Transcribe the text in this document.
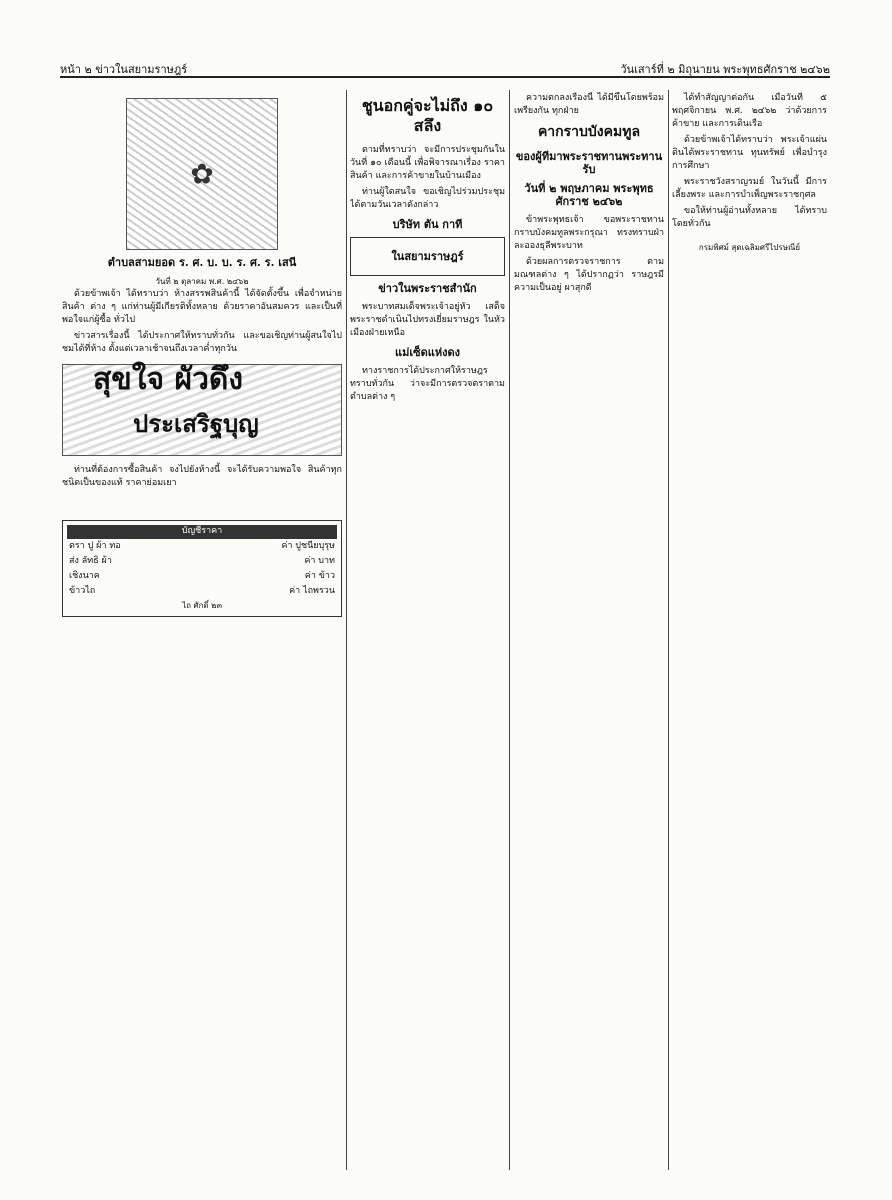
หน้า ๒ ข่าวในสยามราษฎร์	วันเสาร์ที่ ๒ มิถุนายน พระพุทธศักราช ๒๔๖๒
✿
ตำบลสามยอด ร. ศ. บ. บ. ร. ศ. ร. เสนี
วันที่ ๒ ตุลาคม พ.ศ. ๒๔๖๒

ด้วยข้าพเจ้า ได้ทราบว่า ห้างสรรพสินค้านี้ ได้จัดตั้งขึ้น เพื่อจำหน่ายสินค้า ต่าง ๆ แก่ท่านผู้มีเกียรติทั้งหลาย ด้วยราคาอันสมควร และเป็นที่พอใจแก่ผู้ซื้อ ทั่วไป

ข่าวสารเรื่องนี้ ได้ประกาศให้ทราบทั่วกัน และขอเชิญท่านผู้สนใจไปชมได้ที่ห้าง ตั้งแต่เวลาเช้าจนถึงเวลาค่ำทุกวัน

สุขใจ ผัวดึง
ประเสริฐบุญ

ท่านที่ต้องการซื้อสินค้า จงไปยังห้างนี้ จะได้รับความพอใจ สินค้าทุกชนิดเป็นของแท้ ราคาย่อมเยา

บัญชีราคา
ตรา ปู ผ้า ทอ	ค่า ปูชนียบุรุษ
ส่ง ลัทธิ ผ้า	ค่า บาท
เชิงนาค	ค่า ข้าว
ข้าวไถ	ค่า ไถพรวน
ไถ ศักดิ์ ๒๓
ชูนอกคู่จะไม่ถึง ๑๐ สลึง

ตามที่ทราบว่า จะมีการประชุมกันในวันที่ ๑๐ เดือนนี้ เพื่อพิจารณาเรื่อง ราคาสินค้า และการค้าขายในบ้านเมือง

ท่านผู้ใดสนใจ ขอเชิญไปร่วมประชุมได้ตามวันเวลาดังกล่าว

บริษัท ตัน กาที
ในสยามราษฎร์
ข่าวในพระราชสำนัก

พระบาทสมเด็จพระเจ้าอยู่หัว เสด็จพระราชดำเนินไปทรงเยี่ยมราษฎร ในหัวเมืองฝ่ายเหนือ

แม่เซ็ดแห่งดง

ทางราชการได้ประกาศให้ราษฎร ทราบทั่วกัน ว่าจะมีการตรวจตราตามตำบลต่าง ๆ

ความตกลงเรื่องนี้ ได้มีขึ้นโดยพร้อมเพรียงกัน ทุกฝ่าย

คากราบบังคมทูล
ของผู้ทีมาพระราชทานพระทานรับ
วันที่ ๒ พฤษภาคม พระพุทธศักราช ๒๔๖๒

ข้าพระพุทธเจ้า ขอพระราชทานกราบบังคมทูลพระกรุณา ทรงทราบฝ่าละอองธุลีพระบาท

ด้วยผลการตรวจราชการ ตามมณฑลต่าง ๆ ได้ปรากฏว่า ราษฎรมีความเป็นอยู่ ผาสุกดี

ได้ทำสัญญาต่อกัน เมื่อวันที่ ๕ พฤศจิกายน พ.ศ. ๒๔๖๒ ว่าด้วยการค้าขาย และการเดินเรือ

ด้วยข้าพเจ้าได้ทราบว่า พระเจ้าแผ่นดินได้พระราชทาน ทุนทรัพย์ เพื่อบำรุงการศึกษา

พระราชวังสราญรมย์ ในวันนี้ มีการเลี้ยงพระ และการบำเพ็ญพระราชกุศล

ขอให้ท่านผู้อ่านทั้งหลาย ได้ทราบโดยทั่วกัน

กรมพิศม์ สุดเฉลิมศรีไปรษณีย์
